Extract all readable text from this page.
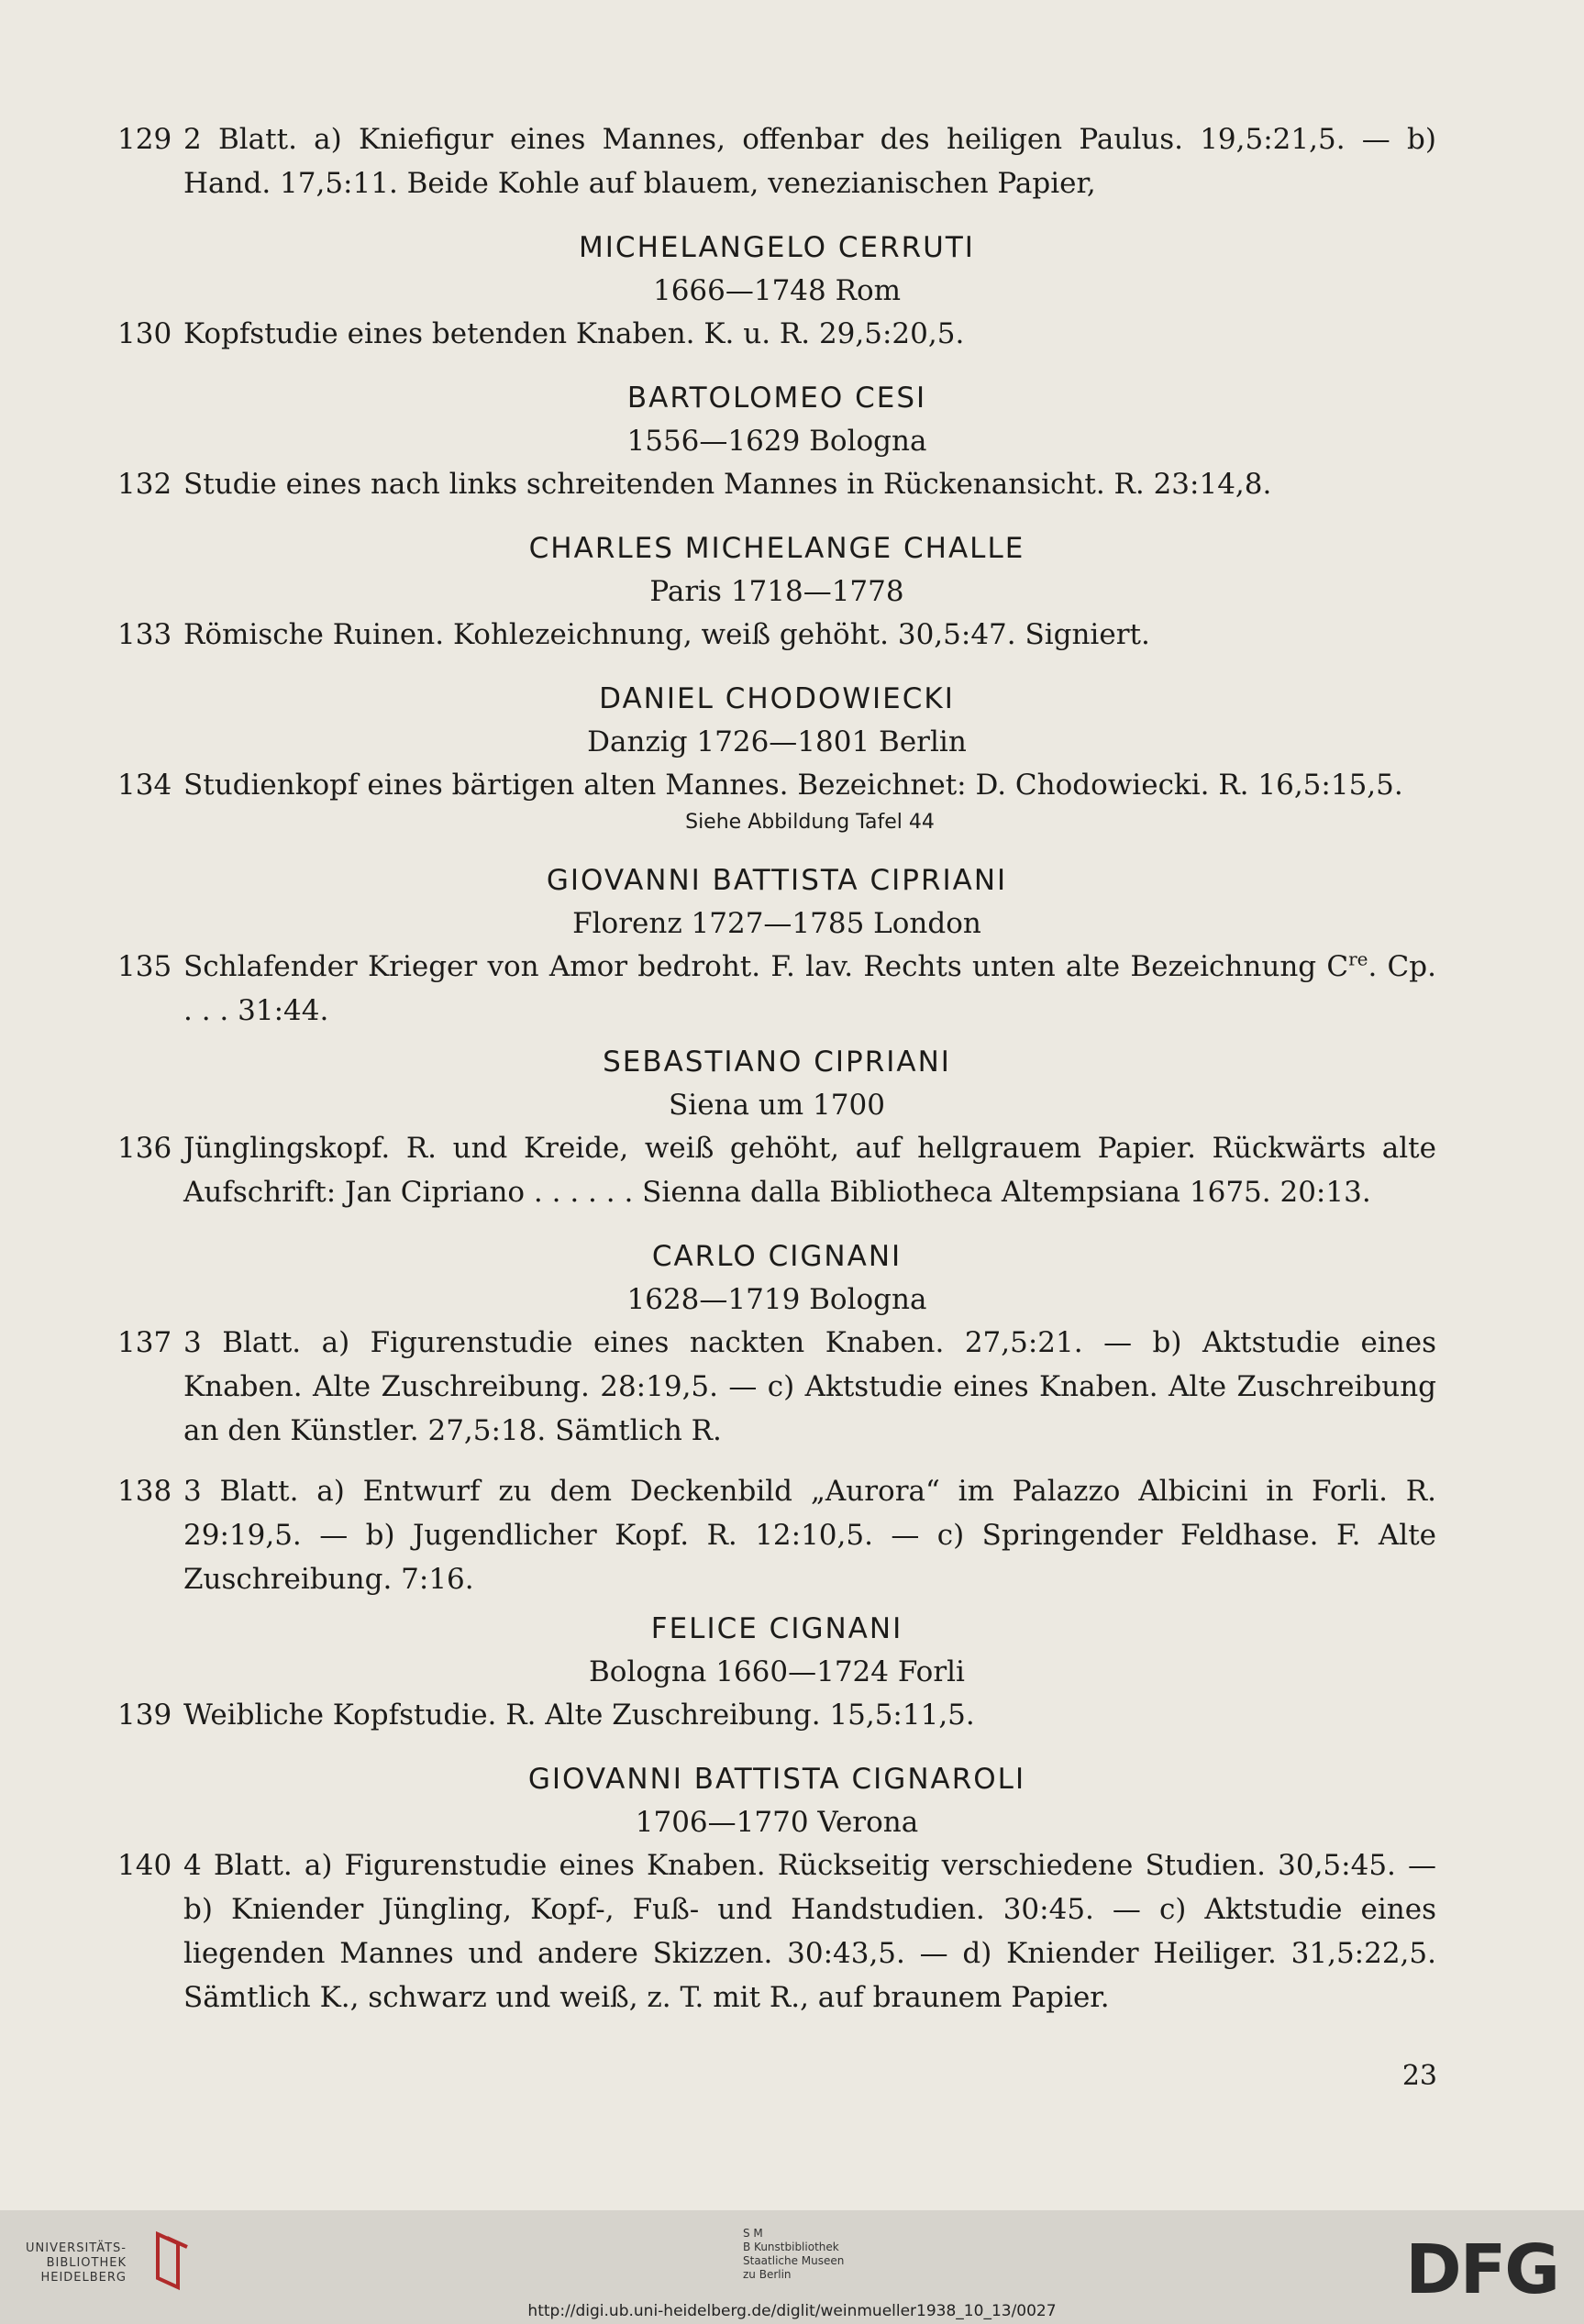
129 2 Blatt. a) Kniefigur eines Mannes, offenbar des heiligen Paulus. 19,5:21,5. — b) Hand. 17,5:11. Beide Kohle auf blauem, venezianischen Papier,
MICHELANGELO CERRUTI
1666—1748 Rom
130 Kopfstudie eines betenden Knaben. K. u. R. 29,5:20,5.
BARTOLOMEO CESI
1556—1629 Bologna
132 Studie eines nach links schreitenden Mannes in Rückenansicht. R. 23:14,8.
CHARLES MICHELANGE CHALLE
Paris 1718—1778
133 Römische Ruinen. Kohlezeichnung, weiß gehöht. 30,5:47. Signiert.
DANIEL CHODOWIECKI
Danzig 1726—1801 Berlin
134 Studienkopf eines bärtigen alten Mannes. Bezeichnet: D. Chodowiecki. R. 16,5:15,5.
Siehe Abbildung Tafel 44
GIOVANNI BATTISTA CIPRIANI
Florenz 1727—1785 London
135 Schlafender Krieger von Amor bedroht. F. lav. Rechts unten alte Bezeichnung Cre. Cp. . . . 31:44.
SEBASTIANO CIPRIANI
Siena um 1700
136 Jünglingskopf. R. und Kreide, weiß gehöht, auf hellgrauem Papier. Rückwärts alte Aufschrift: Jan Cipriano . . . . . . Sienna dalla Bibliotheca Altempsiana 1675. 20:13.
CARLO CIGNANI
1628—1719 Bologna
137 3 Blatt. a) Figurenstudie eines nackten Knaben. 27,5:21. — b) Aktstudie eines Knaben. Alte Zuschreibung. 28:19,5. — c) Aktstudie eines Knaben. Alte Zuschreibung an den Künstler. 27,5:18. Sämtlich R.
138 3 Blatt. a) Entwurf zu dem Deckenbild „Aurora“ im Palazzo Albicini in Forli. R. 29:19,5. — b) Jugendlicher Kopf. R. 12:10,5. — c) Springender Feldhase. F. Alte Zuschreibung. 7:16.
FELICE CIGNANI
Bologna 1660—1724 Forli
139 Weibliche Kopfstudie. R. Alte Zuschreibung. 15,5:11,5.
GIOVANNI BATTISTA CIGNAROLI
1706—1770 Verona
140 4 Blatt. a) Figurenstudie eines Knaben. Rückseitig verschiedene Studien. 30,5:45. — b) Kniender Jüngling, Kopf-, Fuß- und Handstudien. 30:45. — c) Aktstudie eines liegenden Mannes und andere Skizzen. 30:43,5. — d) Kniender Heiliger. 31,5:22,5. Sämtlich K., schwarz und weiß, z. T. mit R., auf braunem Papier.
23
UNIVERSITÄTS-
BIBLIOTHEK
HEIDELBERG
S M
B Kunstbibliothek
Staatliche Museen
zu Berlin	DFG
http://digi.ub.uni-heidelberg.de/diglit/weinmueller1938_10_13/0027
